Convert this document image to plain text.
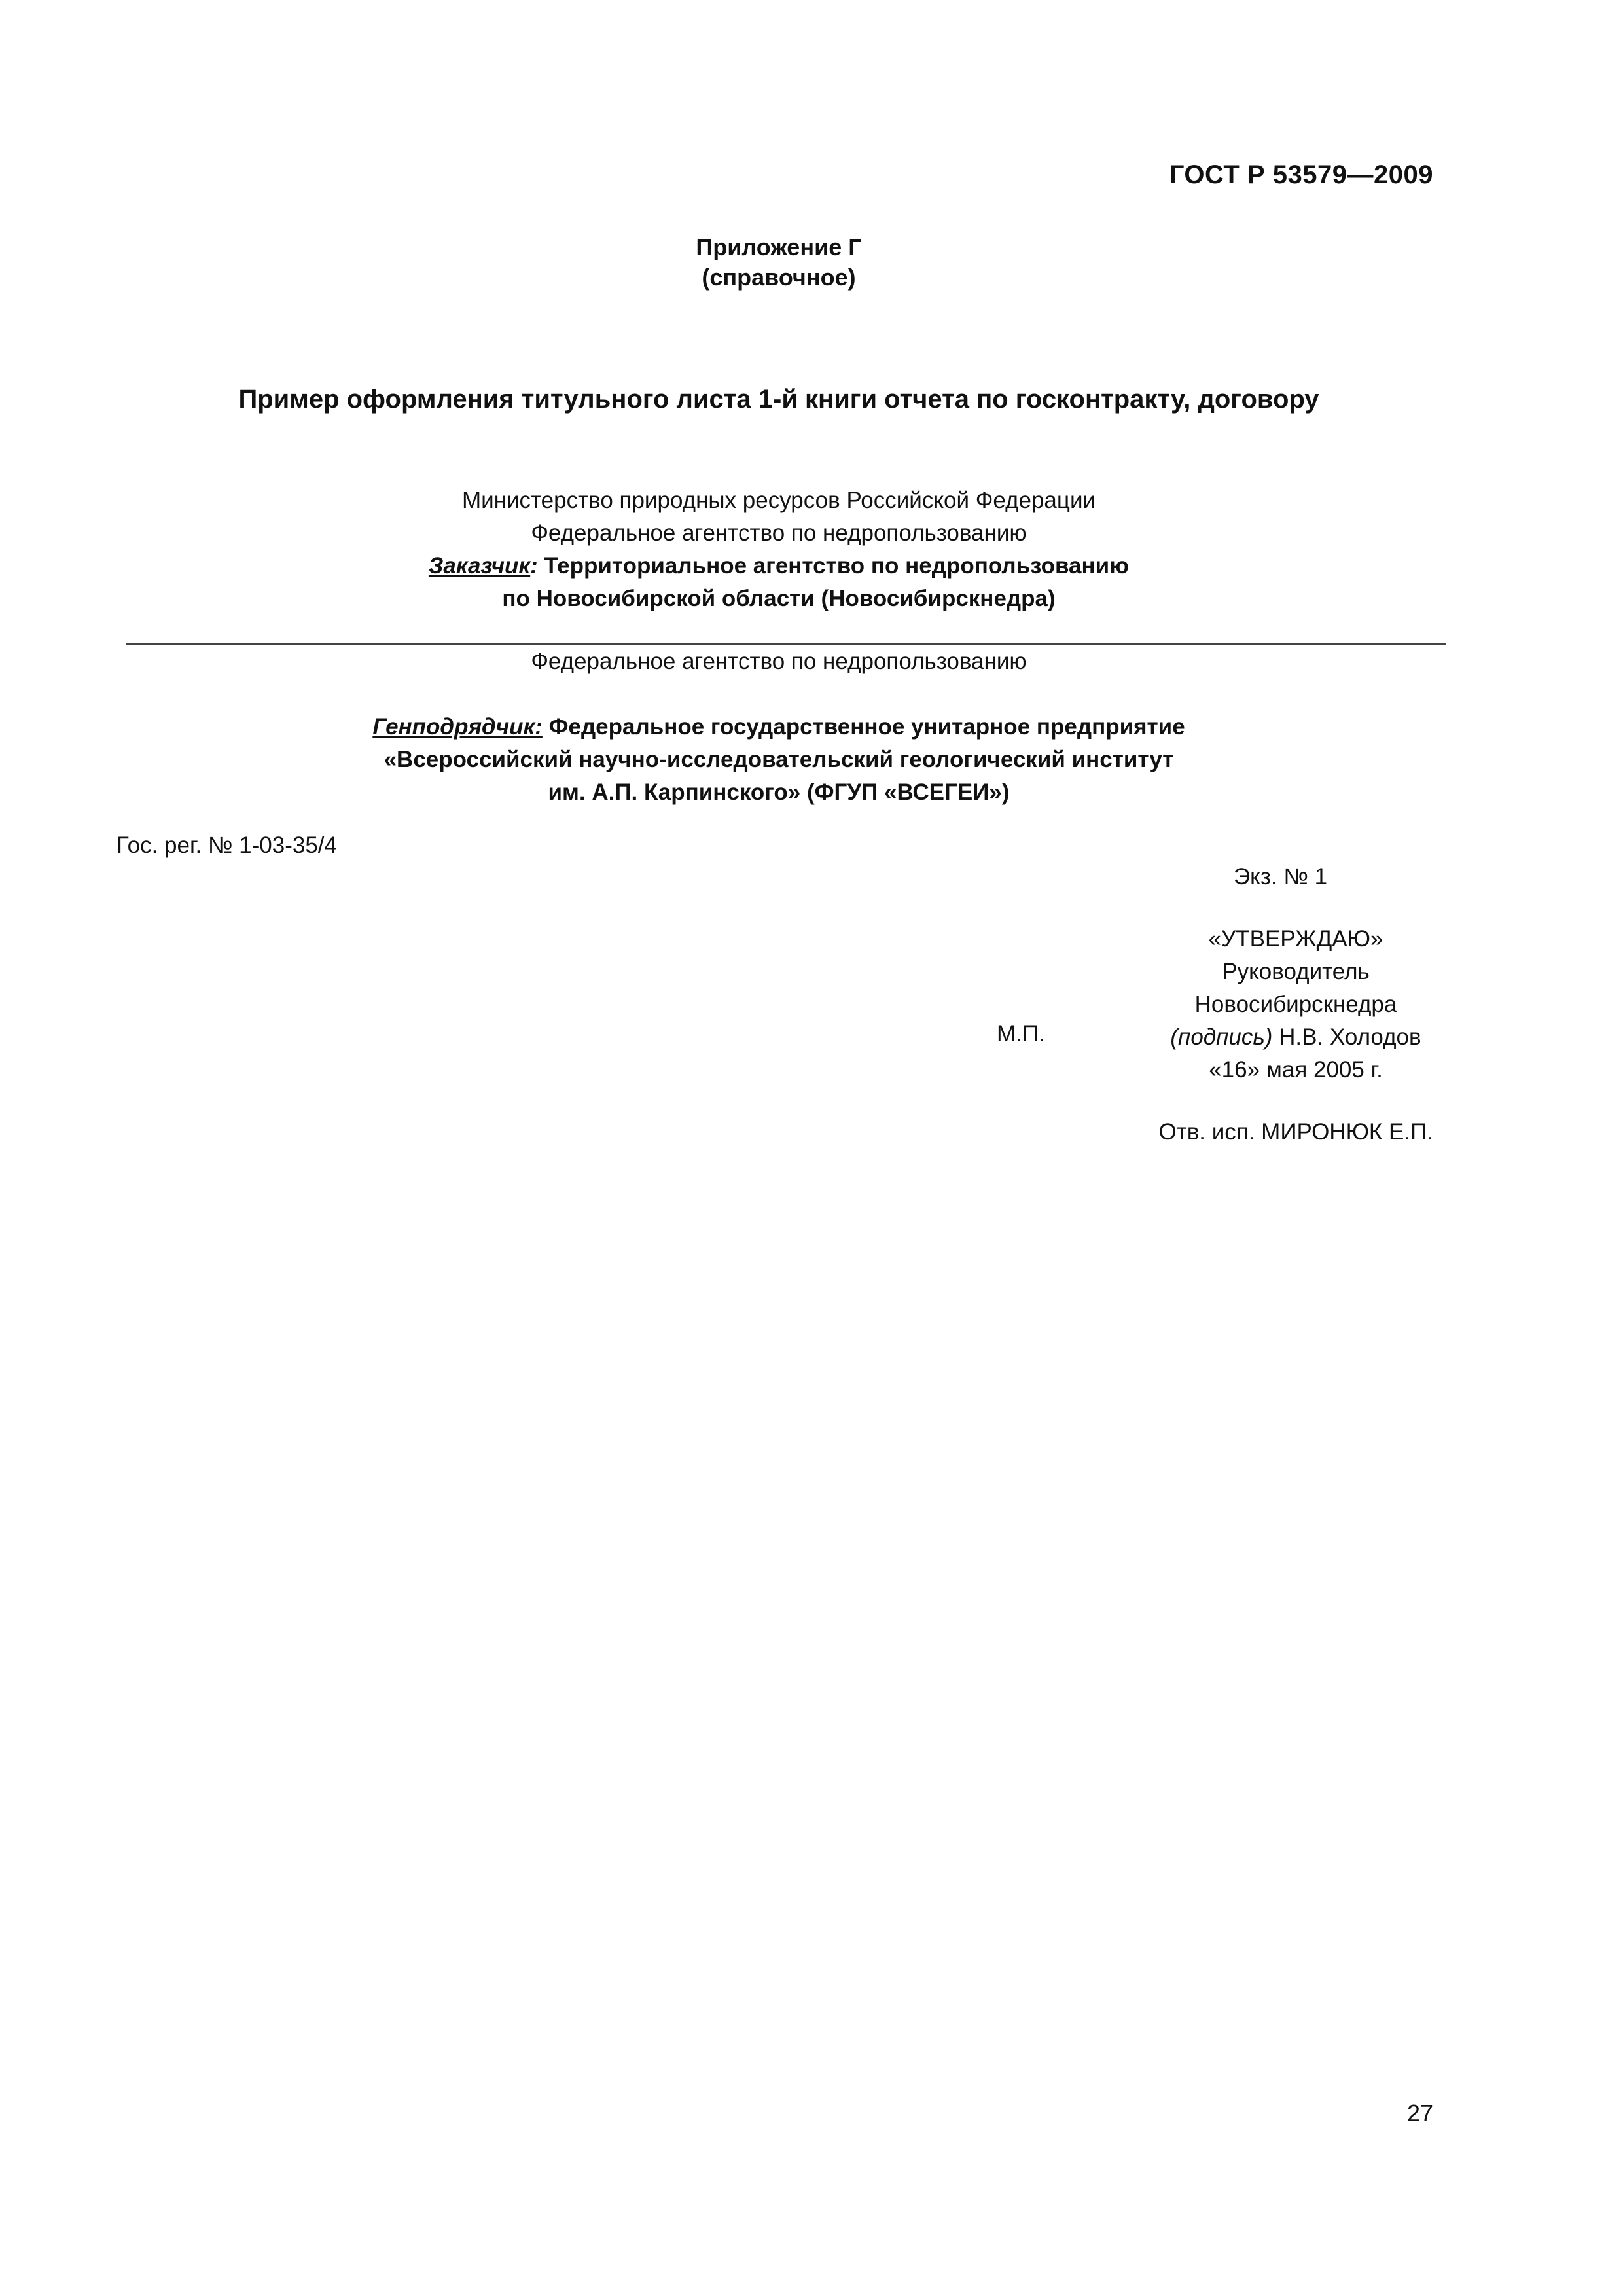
ГОСТ Р 53579—2009
Приложение Г
(справочное)
Пример оформления титульного листа 1-й книги отчета по госконтракту, договору
Министерство природных ресурсов Российской Федерации
Федеральное агентство по недропользованию
Заказчик: Территориальное агентство по недропользованию
по Новосибирской области (Новосибирскнедра)
Федеральное агентство по недропользованию
Генподрядчик: Федеральное государственное унитарное предприятие
«Всероссийский научно-исследовательский геологический институт
им. А.П. Карпинского» (ФГУП «ВСЕГЕИ»)
Гос. рег. № 1-03-35/4
Экз. № 1
«УТВЕРЖДАЮ»
Руководитель
Новосибирскнедра
(подпись) Н.В. Холодов
«16» мая 2005 г.
М.П.
Отв. исп. МИРОНЮК Е.П.
27
